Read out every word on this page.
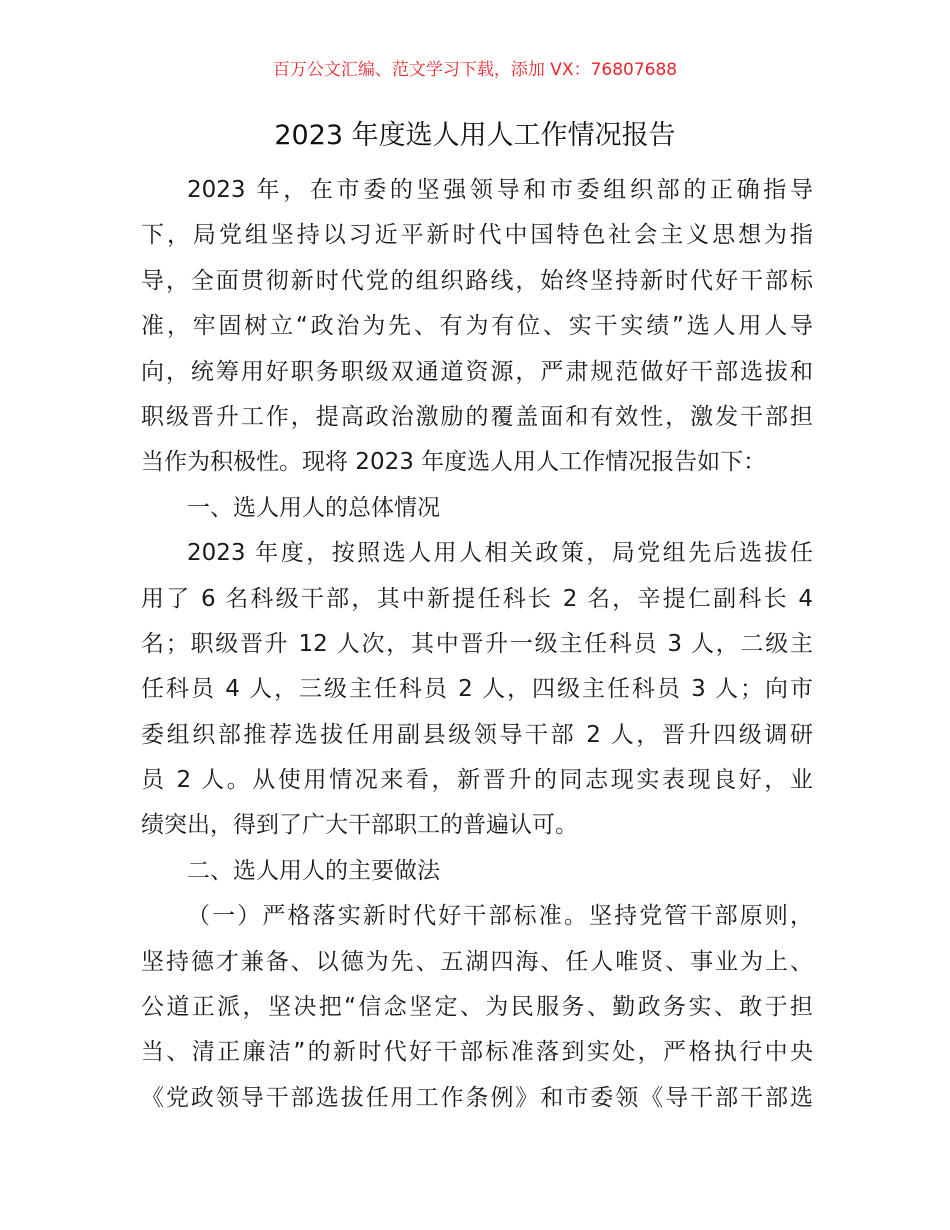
百万公文汇编、范文学习下载，添加 VX：76807688
2023 年度选人用人工作情况报告
2023 年，在市委的坚强领导和市委组织部的正确指导
下，局党组坚持以习近平新时代中国特色社会主义思想为指
导，全面贯彻新时代党的组织路线，始终坚持新时代好干部标
准，牢固树立“政治为先、有为有位、实干实绩”选人用人导
向，统筹用好职务职级双通道资源，严肃规范做好干部选拔和
职级晋升工作，提高政治激励的覆盖面和有效性，激发干部担
当作为积极性。现将 2023 年度选人用人工作情况报告如下：
一、选人用人的总体情况
2023 年度，按照选人用人相关政策，局党组先后选拔任
用了 6 名科级干部，其中新提任科长 2 名，辛提仁副科长 4
名；职级晋升 12 人次，其中晋升一级主任科员 3 人，二级主
任科员 4 人，三级主任科员 2 人，四级主任科员 3 人；向市
委组织部推荐选拔任用副县级领导干部 2 人，晋升四级调研
员 2 人。从使用情况来看，新晋升的同志现实表现良好，业
绩突出，得到了广大干部职工的普遍认可。
二、选人用人的主要做法
（一）严格落实新时代好干部标准。坚持党管干部原则，
坚持德才兼备、以德为先、五湖四海、任人唯贤、事业为上、
公道正派，坚决把“信念坚定、为民服务、勤政务实、敢于担
当、清正廉洁”的新时代好干部标准落到实处，严格执行中央
《党政领导干部选拔任用工作条例》和市委领《导干部干部选
